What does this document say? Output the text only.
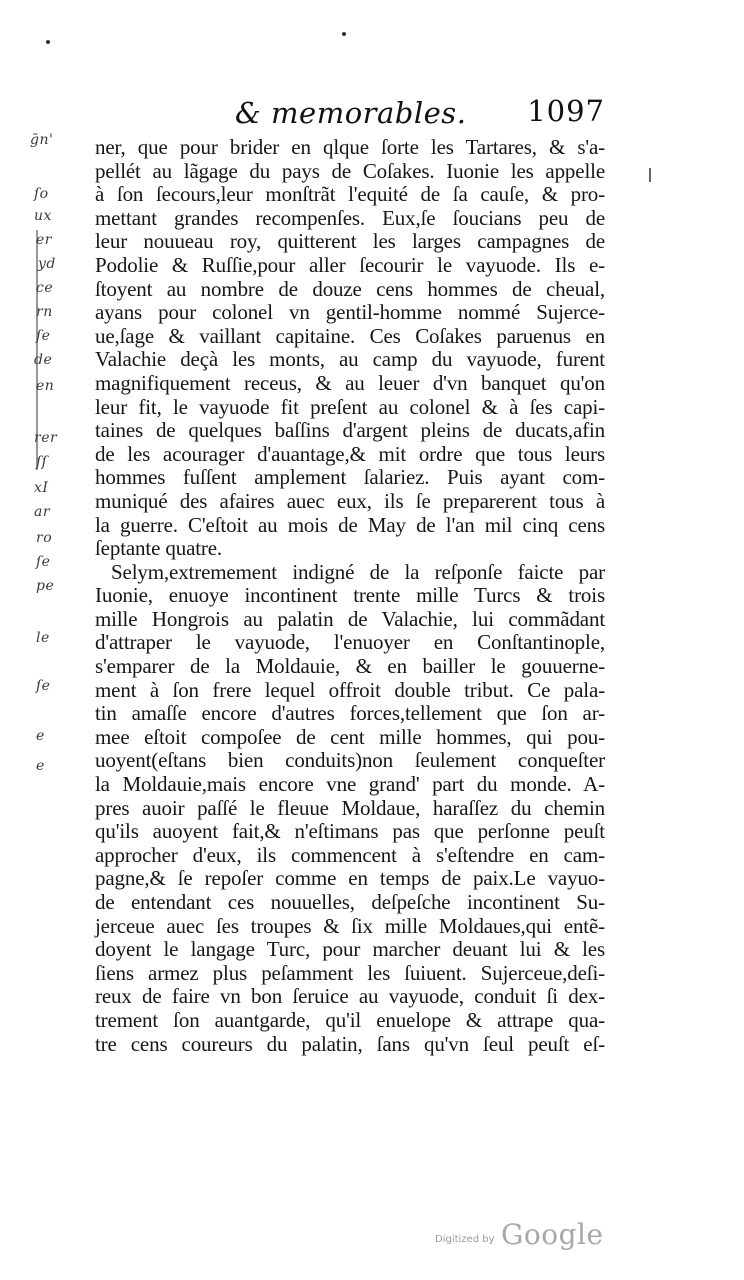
ḡn'
ſo
ux
er
yd
ce
rn
ſe
de
en
rer
ſſ
xI
ar
ro
ſe
pe
le
ſe
e
e
& memorables. 1097
ner, que pour brider en qlque ſorte les Tartares, & s'a-
pellét au lãgage du pays de Coſakes. Iuonie les appelle
à ſon ſecours,leur monſtrãt l'equité de ſa cauſe, & pro-
mettant grandes recompenſes. Eux,ſe ſoucians peu de
leur nouueau roy, quitterent les larges campagnes de
Podolie & Ruſſie,pour aller ſecourir le vayuode. Ils e-
ſtoyent au nombre de douze cens hommes de cheual,
ayans pour colonel vn gentil-homme nommé Sujerce-
ue,ſage & vaillant capitaine. Ces Coſakes paruenus en
Valachie deçà les monts, au camp du vayuode, furent
magnifiquement receus, & au leuer d'vn banquet qu'on
leur fit, le vayuode fit preſent au colonel & à ſes capi-
taines de quelques baſſins d'argent pleins de ducats,afin
de les acourager d'auantage,& mit ordre que tous leurs
hommes fuſſent amplement ſalariez. Puis ayant com-
muniqué des afaires auec eux, ils ſe preparerent tous à
la guerre. C'eſtoit au mois de May de l'an mil cinq cens
ſeptante quatre.
Selym,extremement indigné de la reſponſe faicte par
Iuonie, enuoye incontinent trente mille Turcs & trois
mille Hongrois au palatin de Valachie, lui commãdant
d'attraper le vayuode, l'enuoyer en Conſtantinople,
s'emparer de la Moldauie, & en bailler le gouuerne-
ment à ſon frere lequel offroit double tribut. Ce pala-
tin amaſſe encore d'autres forces,tellement que ſon ar-
mee eſtoit compoſee de cent mille hommes, qui pou-
uoyent(eſtans bien conduits)non ſeulement conqueſter
la Moldauie,mais encore vne grand' part du monde. A-
pres auoir paſſé le fleuue Moldaue, haraſſez du chemin
qu'ils auoyent fait,& n'eſtimans pas que perſonne peuſt
approcher d'eux, ils commencent à s'eſtendre en cam-
pagne,& ſe repoſer comme en temps de paix.Le vayuo-
de entendant ces nouuelles, deſpeſche incontinent Su-
jerceue auec ſes troupes & ſix mille Moldaues,qui entẽ-
doyent le langage Turc, pour marcher deuant lui & les
ſiens armez plus peſamment les ſuiuent. Sujerceue,deſi-
reux de faire vn bon ſeruice au vayuode, conduit ſi dex-
trement ſon auantgarde, qu'il enuelope & attrape qua-
tre cens coureurs du palatin, ſans qu'vn ſeul peuſt eſ-
Digitized by Google
